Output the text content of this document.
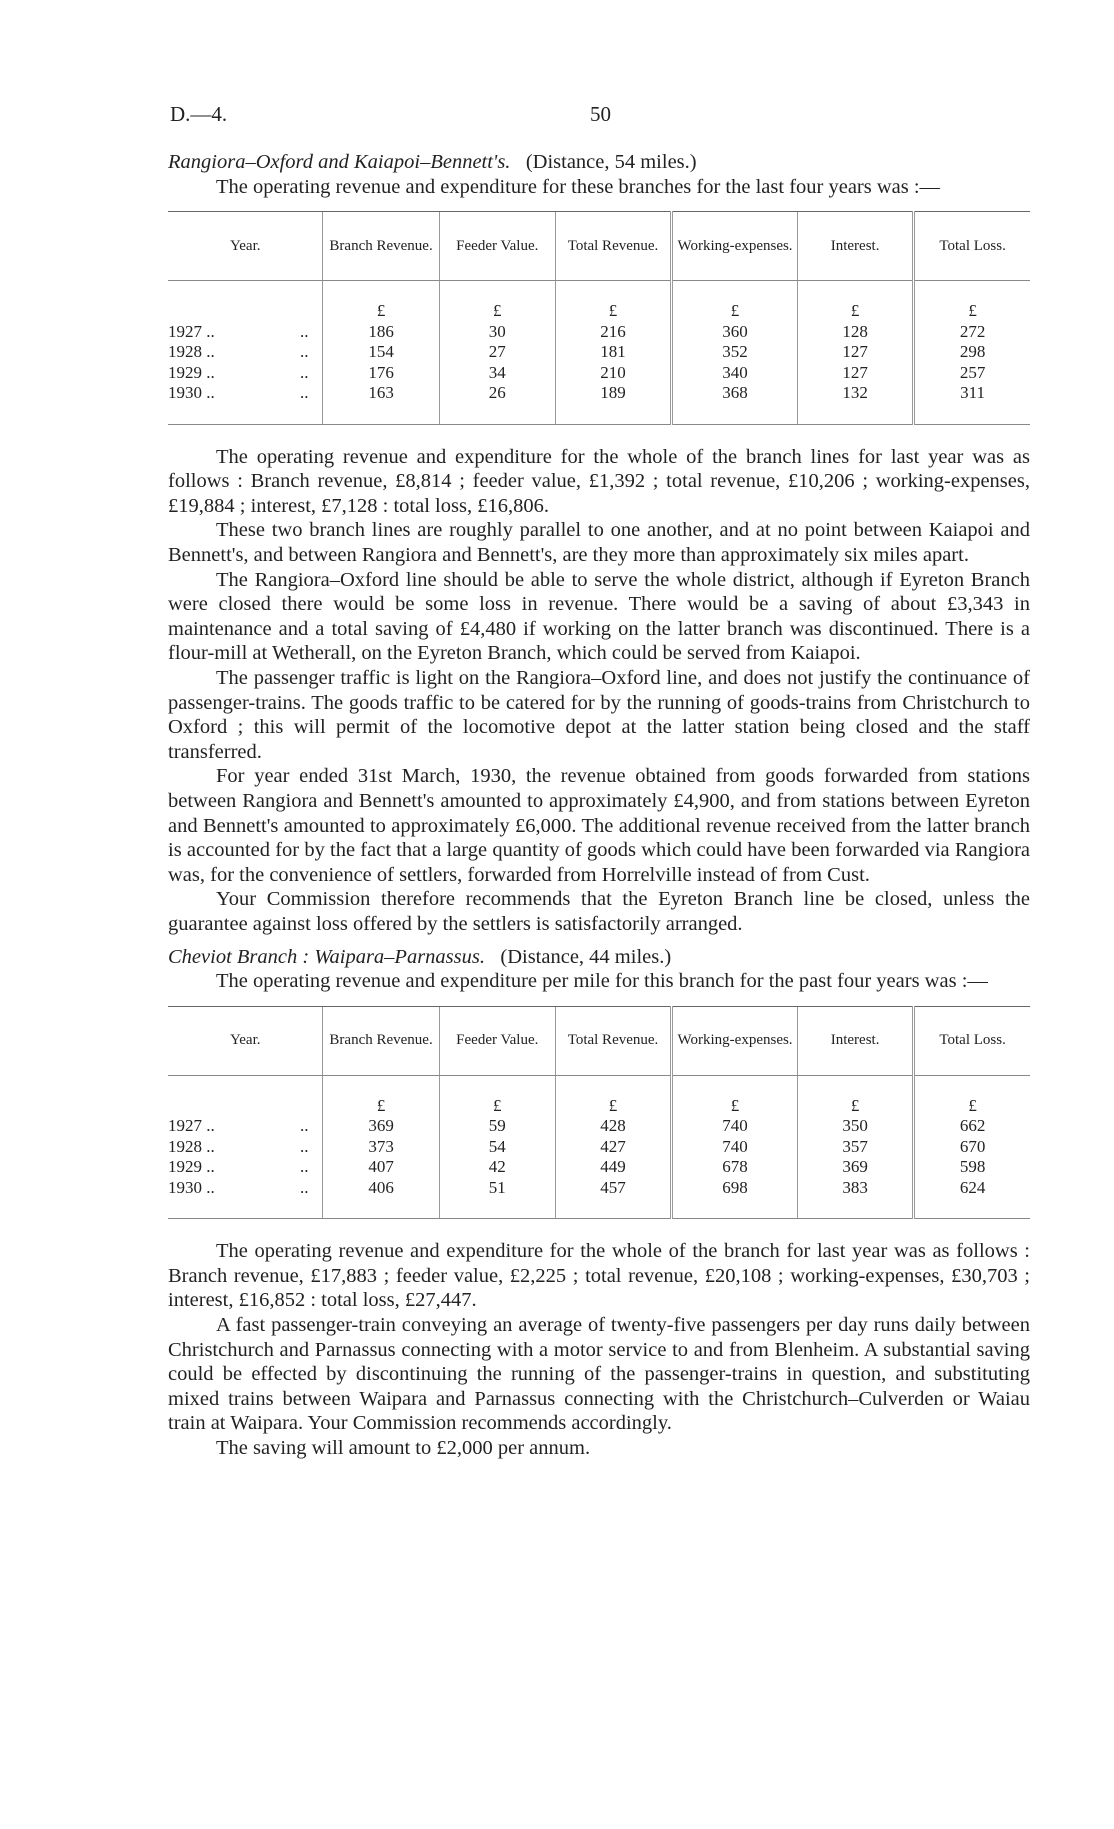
D.—4.	50
Rangiora–Oxford and Kaiapoi–Bennett's. (Distance, 54 miles.)

The operating revenue and expenditure for these branches for the last four years was :—

Year.	Branch Revenue.	Feeder Value.	Total Revenue.	Working-expenses.	Interest.	Total Loss.
	£	£	£	£	£	£

1927 .. ..	186	30	216	360	128	272

1928 .. ..	154	27	181	352	127	298

1929 .. ..	176	34	210	340	127	257

1930 .. ..	163	26	189	368	132	311

The operating revenue and expenditure for the whole of the branch lines for last year was as follows : Branch revenue, £8,814 ; feeder value, £1,392 ; total revenue, £10,206 ; working-expenses, £19,884 ; interest, £7,128 : total loss, £16,806.

These two branch lines are roughly parallel to one another, and at no point between Kaiapoi and Bennett's, and between Rangiora and Bennett's, are they more than approximately six miles apart.

The Rangiora–Oxford line should be able to serve the whole district, although if Eyreton Branch were closed there would be some loss in revenue. There would be a saving of about £3,343 in maintenance and a total saving of £4,480 if working on the latter branch was discontinued. There is a flour-mill at Wetherall, on the Eyreton Branch, which could be served from Kaiapoi.

The passenger traffic is light on the Rangiora–Oxford line, and does not justify the continuance of passenger-trains. The goods traffic to be catered for by the running of goods-trains from Christchurch to Oxford ; this will permit of the locomotive depot at the latter station being closed and the staff transferred.

For year ended 31st March, 1930, the revenue obtained from goods forwarded from stations between Rangiora and Bennett's amounted to approximately £4,900, and from stations between Eyreton and Bennett's amounted to approximately £6,000. The additional revenue received from the latter branch is accounted for by the fact that a large quantity of goods which could have been forwarded via Rangiora was, for the convenience of settlers, forwarded from Horrelville instead of from Cust.

Your Commission therefore recommends that the Eyreton Branch line be closed, unless the guarantee against loss offered by the settlers is satisfactorily arranged.

Cheviot Branch : Waipara–Parnassus. (Distance, 44 miles.)

The operating revenue and expenditure per mile for this branch for the past four years was :—

Year.	Branch Revenue.	Feeder Value.	Total Revenue.	Working-expenses.	Interest.	Total Loss.
	£	£	£	£	£	£

1927 .. ..	369	59	428	740	350	662

1928 .. ..	373	54	427	740	357	670

1929 .. ..	407	42	449	678	369	598

1930 .. ..	406	51	457	698	383	624

The operating revenue and expenditure for the whole of the branch for last year was as follows : Branch revenue, £17,883 ; feeder value, £2,225 ; total revenue, £20,108 ; working-expenses, £30,703 ; interest, £16,852 : total loss, £27,447.

A fast passenger-train conveying an average of twenty-five passengers per day runs daily between Christchurch and Parnassus connecting with a motor service to and from Blenheim. A substantial saving could be effected by discontinuing the running of the passenger-trains in question, and substituting mixed trains between Waipara and Parnassus connecting with the Christchurch–Culverden or Waiau train at Waipara. Your Commission recommends accordingly.

The saving will amount to £2,000 per annum.
